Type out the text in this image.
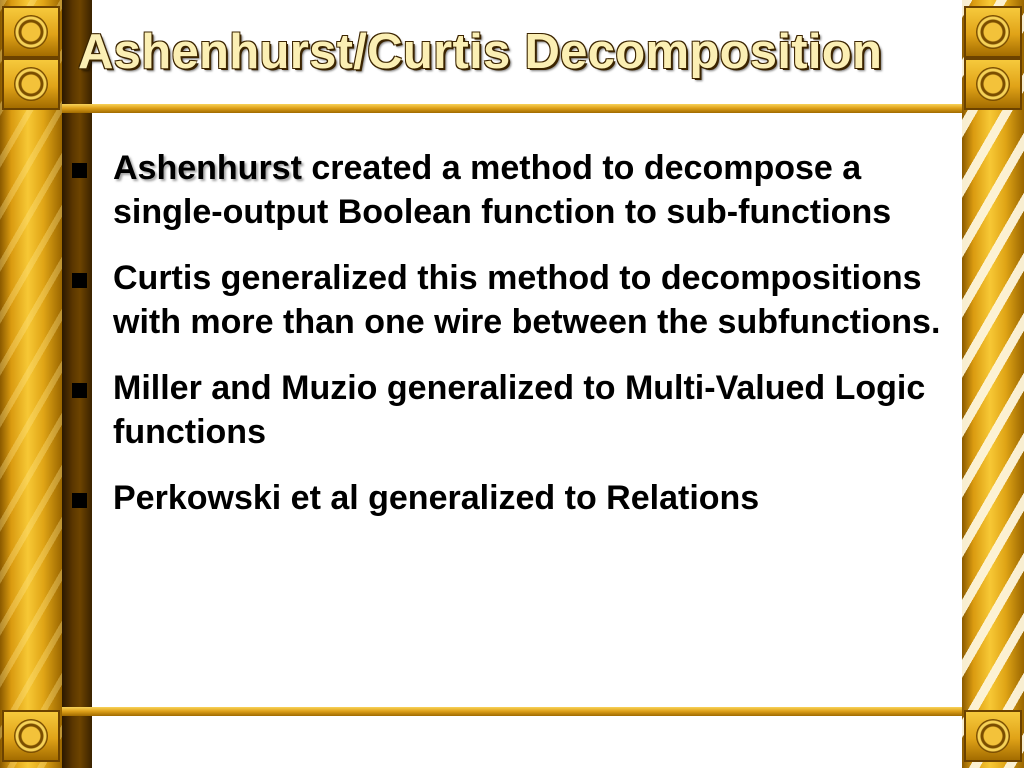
Ashenhurst/Curtis Decomposition
Ashenhurst created a method to decompose a single-output Boolean function to sub-functions
Curtis generalized this method to decompositions with more than one wire between the subfunctions.
Miller and Muzio generalized to Multi-Valued Logic functions
Perkowski et al generalized to Relations
